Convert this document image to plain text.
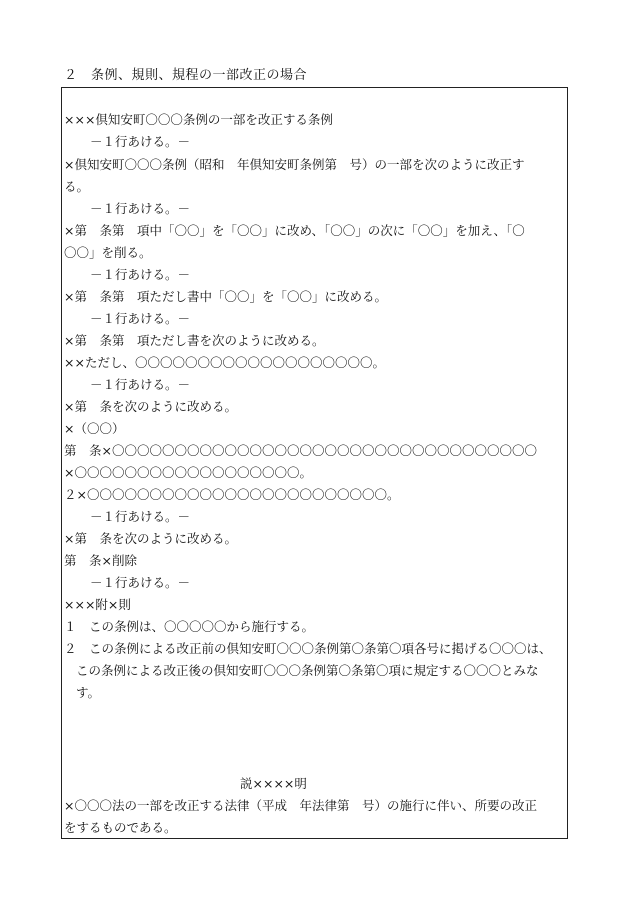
２　条例、規則、規程の一部改正の場合
×××倶知安町〇〇〇条例の一部を改正する条例
－１行あける。－
×倶知安町〇〇〇条例（昭和　年倶知安町条例第　号）の一部を次のように改正す
る。
－１行あける。－
×第　条第　項中「〇〇」を「〇〇」に改め、「〇〇」の次に「〇〇」を加え、「〇
〇〇」を削る。
－１行あける。－
×第　条第　項ただし書中「〇〇」を「〇〇」に改める。
－１行あける。－
×第　条第　項ただし書を次のように改める。
××ただし、〇〇〇〇〇〇〇〇〇〇〇〇〇〇〇〇〇〇〇。
－１行あける。－
×第　条を次のように改める。
×（〇〇）
第　条×〇〇〇〇〇〇〇〇〇〇〇〇〇〇〇〇〇〇〇〇〇〇〇〇〇〇〇〇〇〇〇〇〇〇
×〇〇〇〇〇〇〇〇〇〇〇〇〇〇〇〇〇〇。
２×〇〇〇〇〇〇〇〇〇〇〇〇〇〇〇〇〇〇〇〇〇〇〇〇。
－１行あける。－
×第　条を次のように改める。
第　条×削除
－１行あける。－
×××附×則
１　この条例は、〇〇〇〇〇から施行する。
２　この条例による改正前の倶知安町〇〇〇条例第〇条第〇項各号に掲げる〇〇〇は、
この条例による改正後の倶知安町〇〇〇条例第〇条第〇項に規定する〇〇〇とみな
す。
説××××明
×〇〇〇法の一部を改正する法律（平成　年法律第　号）の施行に伴い、所要の改正
をするものである。
